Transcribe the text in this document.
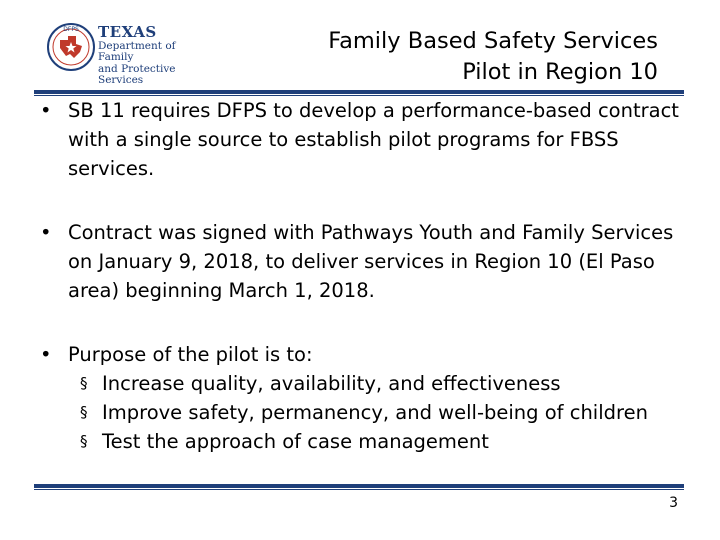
DFPS TEXAS
Department of Family
and Protective Services
Family Based Safety Services
Pilot in Region 10
• SB 11 requires DFPS to develop a performance-based contract with a single source to establish pilot programs for FBSS services.
• Contract was signed with Pathways Youth and Family Services on January 9, 2018, to deliver services in Region 10 (El Paso area) beginning March 1, 2018.
• Purpose of the pilot is to:
§ Increase quality, availability, and effectiveness
§ Improve safety, permanency, and well-being of children
§ Test the approach of case management
3
